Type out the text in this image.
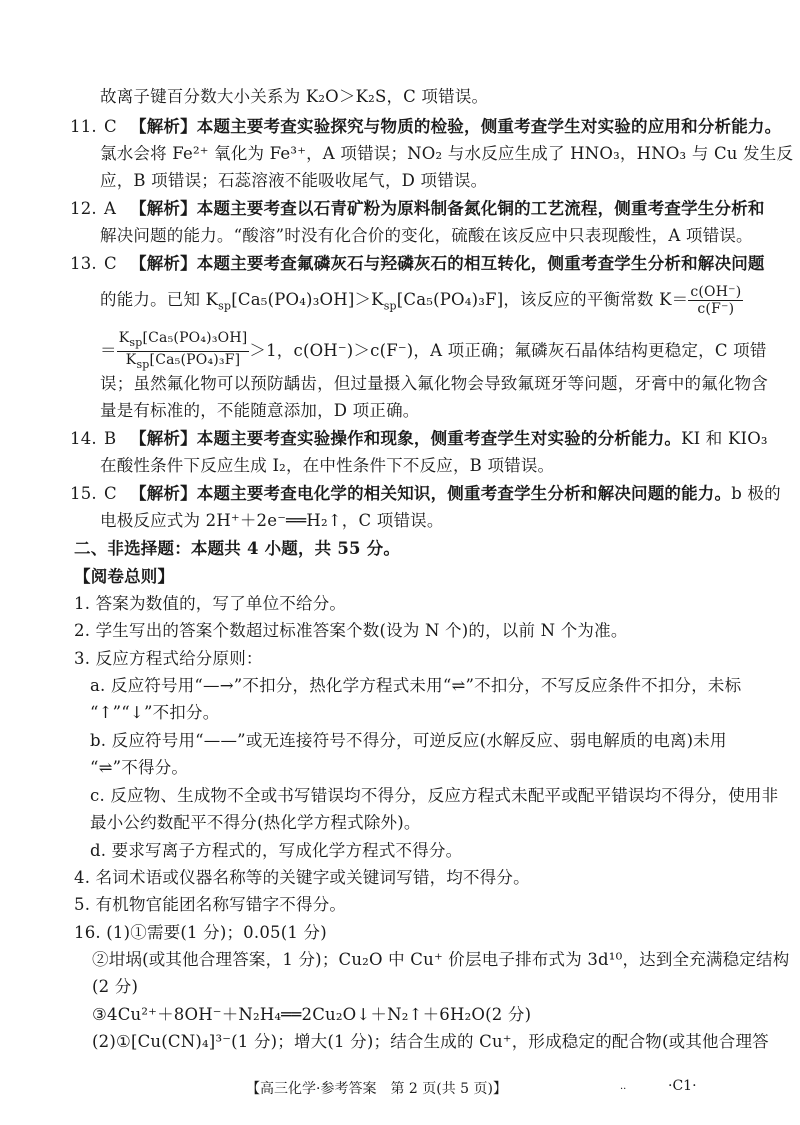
故离子键百分数大小关系为 K₂O＞K₂S，C 项错误。
11. C 【解析】本题主要考查实验探究与物质的检验，侧重考查学生对实验的应用和分析能力。
氯水会将 Fe²⁺ 氧化为 Fe³⁺，A 项错误；NO₂ 与水反应生成了 HNO₃，HNO₃ 与 Cu 发生反
应，B 项错误；石蕊溶液不能吸收尾气，D 项错误。
12. A 【解析】本题主要考查以石青矿粉为原料制备氮化铜的工艺流程，侧重考查学生分析和
解决问题的能力。“酸溶”时没有化合价的变化，硫酸在该反应中只表现酸性，A 项错误。
13. C 【解析】本题主要考查氟磷灰石与羟磷灰石的相互转化，侧重考查学生分析和解决问题
的能力。已知 $K_{sp}[Ca_5(PO_4)_3OH]>K_{sp}[Ca_5(PO_4)_3F]$，该反应的平衡常数 $K= \frac{c(OH^-)}{c(F^-)}$
＝ $\frac{K_{sp}[Ca_5(PO_4)_3OH]}{K_{sp}[Ca_5(PO_4)_3F]} >1$，c(OH⁻)＞c(F⁻)，A 项正确；氟磷灰石晶体结构更稳定，C 项错
误；虽然氟化物可以预防龋齿，但过量摄入氟化物会导致氟斑牙等问题，牙膏中的氟化物含
量是有标准的，不能随意添加，D 项正确。
14. B 【解析】本题主要考查实验操作和现象，侧重考查学生对实验的分析能力。KI 和 KIO₃
在酸性条件下反应生成 I₂，在中性条件下不反应，B 项错误。
15. C 【解析】本题主要考查电化学的相关知识，侧重考查学生分析和解决问题的能力。b 极的
电极反应式为 2H⁺＋2e⁻══H₂↑，C 项错误。
二、非选择题：本题共 4 小题，共 55 分。
【阅卷总则】
1. 答案为数值的，写了单位不给分。
2. 学生写出的答案个数超过标准答案个数(设为 N 个)的，以前 N 个为准。
3. 反应方程式给分原则：
a. 反应符号用“—→”不扣分，热化学方程式未用“⇌”不扣分，不写反应条件不扣分，未标
“↑”“↓”不扣分。
b. 反应符号用“——”或无连接符号不得分，可逆反应(水解反应、弱电解质的电离)未用
“⇌”不得分。
c. 反应物、生成物不全或书写错误均不得分，反应方程式未配平或配平错误均不得分，使用非
最小公约数配平不得分(热化学方程式除外)。
d. 要求写离子方程式的，写成化学方程式不得分。
4. 名词术语或仪器名称等的关键字或关键词写错，均不得分。
5. 有机物官能团名称写错字不得分。
16. (1)①需要(1 分)；0.05(1 分)
②坩埚(或其他合理答案，1 分)；Cu₂O 中 Cu⁺ 价层电子排布式为 3d¹⁰，达到全充满稳定结构
(2 分)
③4Cu²⁺＋8OH⁻＋N₂H₄══2Cu₂O↓＋N₂↑＋6H₂O(2 分)
(2)①[Cu(CN)₄]³⁻(1 分)；增大(1 分)；结合生成的 Cu⁺，形成稳定的配合物(或其他合理答
【高三化学·参考答案　第 2 页(共 5 页)】	··	·C1·
